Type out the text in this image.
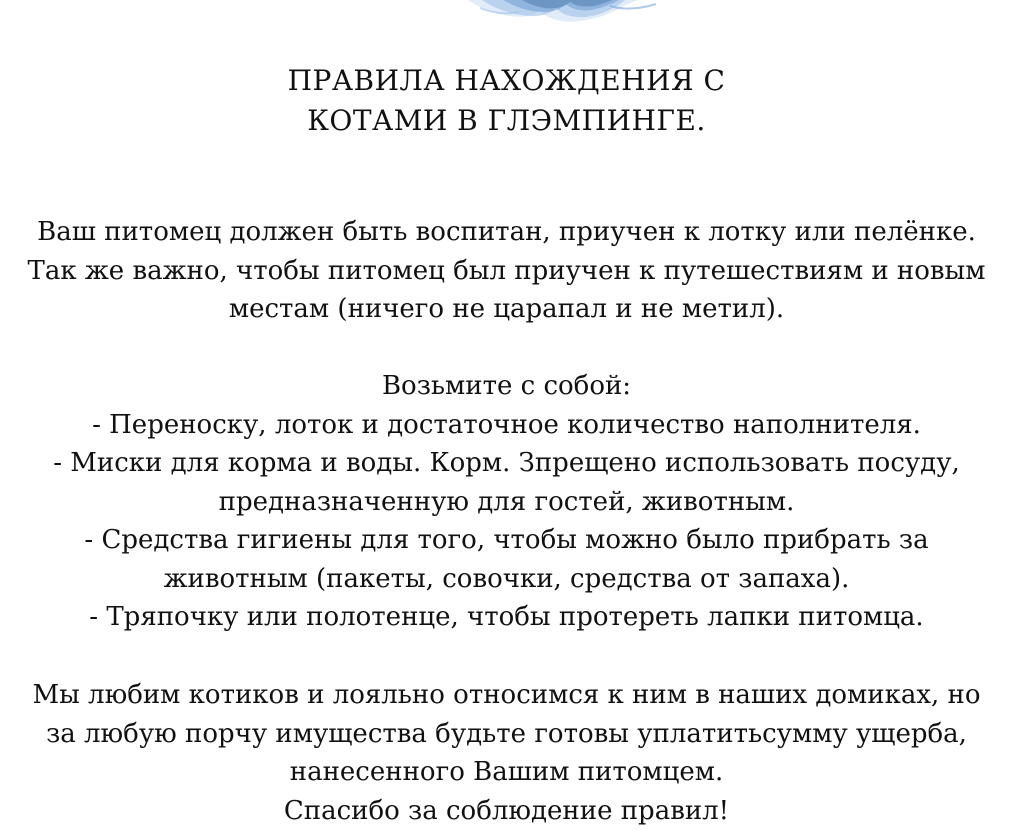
ПРАВИЛА НАХОЖДЕНИЯ С
КОТАМИ В ГЛЭМПИНГЕ.
Ваш питомец должен быть воспитан, приучен к лотку или пелёнке.
Так же важно, чтобы питомец был приучен к путешествиям и новым
местам (ничего не царапал и не метил).
Возьмите с собой:
- Переноску, лоток и достаточное количество наполнителя.
- Миски для корма и воды. Корм. Зпрещено использовать посуду,
предназначенную для гостей, животным.
- Средства гигиены для того, чтобы можно было прибрать за
животным (пакеты, совочки, средства от запаха).
- Тряпочку или полотенце, чтобы протереть лапки питомца.
Мы любим котиков и лояльно относимся к ним в наших домиках, но
за любую порчу имущества будьте готовы уплатитьсумму ущерба,
нанесенного Вашим питомцем.
Спасибо за соблюдение правил!
